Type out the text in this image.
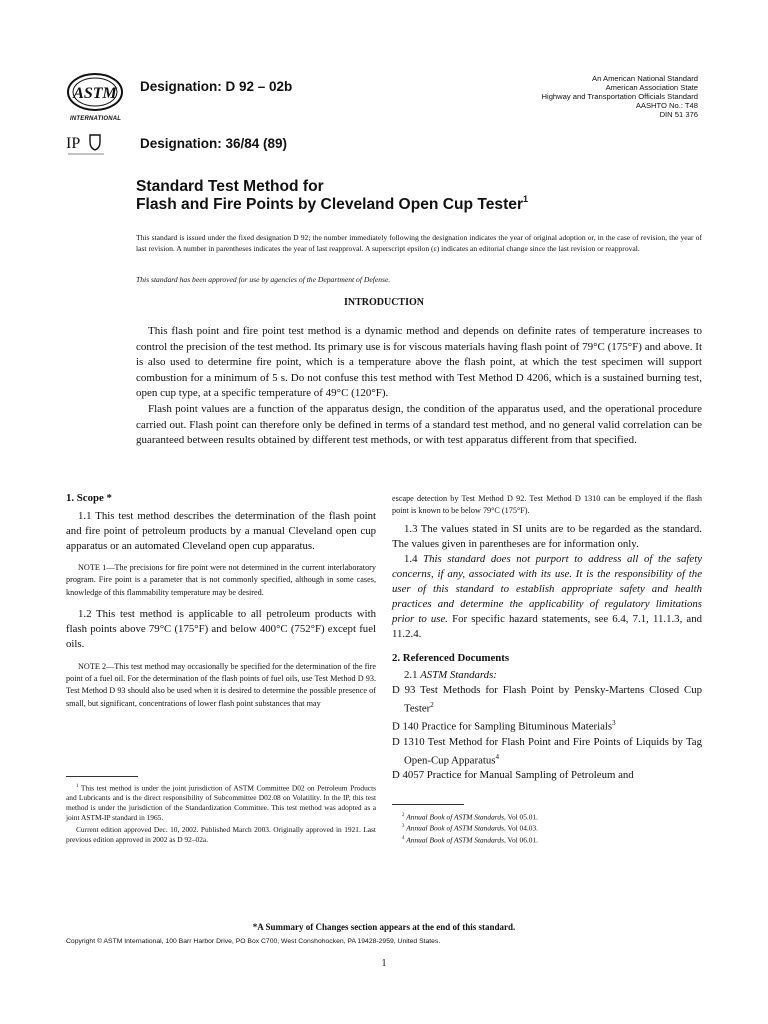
ASTM
INTERNATIONAL
IP
Designation: D 92 – 02b
Designation: 36/84 (89)
An American National Standard
American Association State
Highway and Transportation Officials Standard
AASHTO No.: T48
DIN 51 376
Standard Test Method for
Flash and Fire Points by Cleveland Open Cup Tester$^1$
This standard is issued under the fixed designation D 92; the number immediately following the designation indicates the year of original adoption or, in the case of revision, the year of last revision. A number in parentheses indicates the year of last reapproval. A superscript epsilon (ε) indicates an editorial change since the last revision or reapproval.
This standard has been approved for use by agencies of the Department of Defense.
INTRODUCTION

This flash point and fire point test method is a dynamic method and depends on definite rates of temperature increases to control the precision of the test method. Its primary use is for viscous materials having flash point of 79°C (175°F) and above. It is also used to determine fire point, which is a temperature above the flash point, at which the test specimen will support combustion for a minimum of 5 s. Do not confuse this test method with Test Method D 4206, which is a sustained burning test, open cup type, at a specific temperature of 49°C (120°F).

Flash point values are a function of the apparatus design, the condition of the apparatus used, and the operational procedure carried out. Flash point can therefore only be defined in terms of a standard test method, and no general valid correlation can be guaranteed between results obtained by different test methods, or with test apparatus different from that specified.

1. Scope *

1.1 This test method describes the determination of the flash point and fire point of petroleum products by a manual Cleveland open cup apparatus or an automated Cleveland open cup apparatus.

NOTE 1—The precisions for fire point were not determined in the current interlaboratory program. Fire point is a parameter that is not commonly specified, although in some cases, knowledge of this flammability temperature may be desired.

1.2 This test method is applicable to all petroleum products with flash points above 79°C (175°F) and below 400°C (752°F) except fuel oils.

NOTE 2—This test method may occasionally be specified for the determination of the fire point of a fuel oil. For the determination of the flash points of fuel oils, use Test Method D 93. Test Method D 93 should also be used when it is desired to determine the possible presence of small, but significant, concentrations of lower flash point substances that may

$^1$ This test method is under the joint jurisdiction of ASTM Committee D02 on Petroleum Products and Lubricants and is the direct responsibility of Subcommittee D02.08 on Volatility. In the IP, this test method is under the jurisdiction of the Standardization Committee. This test method was adopted as a joint ASTM-IP standard in 1965.

Current edition approved Dec. 10, 2002. Published March 2003. Originally approved in 1921. Last previous edition approved in 2002 as D 92–02a.

escape detection by Test Method D 92. Test Method D 1310 can be employed if the flash point is known to be below 79°C (175°F).

1.3 The values stated in SI units are to be regarded as the standard. The values given in parentheses are for information only.

1.4 This standard does not purport to address all of the safety concerns, if any, associated with its use. It is the responsibility of the user of this standard to establish appropriate safety and health practices and determine the applicability of regulatory limitations prior to use. For specific hazard statements, see 6.4, 7.1, 11.1.3, and 11.2.4.

2. Referenced Documents

2.1 ASTM Standards:

D 93 Test Methods for Flash Point by Pensky-Martens Closed Cup Tester$^2$

D 140 Practice for Sampling Bituminous Materials$^3$

D 1310 Test Method for Flash Point and Fire Points of Liquids by Tag Open-Cup Apparatus$^4$

D 4057 Practice for Manual Sampling of Petroleum and

$^2$ Annual Book of ASTM Standards, Vol 05.01.

$^3$ Annual Book of ASTM Standards, Vol 04.03.

$^4$ Annual Book of ASTM Standards, Vol 06.01.

*A Summary of Changes section appears at the end of this standard.
Copyright © ASTM International, 100 Barr Harbor Drive, PO Box C700, West Conshohocken, PA 19428-2959, United States.
1
